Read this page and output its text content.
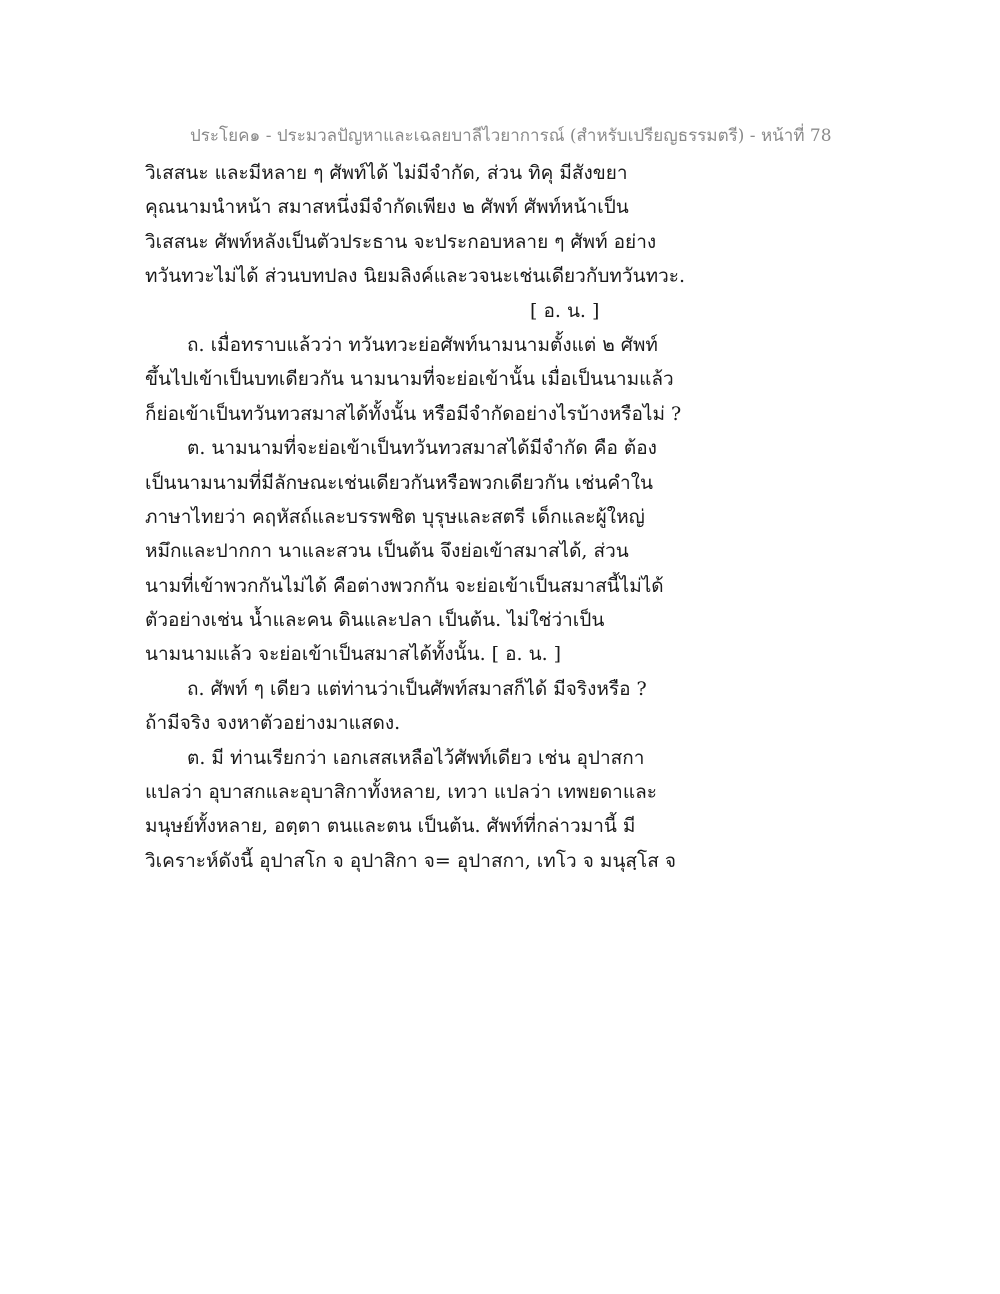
ประโยค๑ - ประมวลปัญหาและเฉลยบาลีไวยาการณ์ (สำหรับเปรียญธรรมตรี) - หน้าที่ 78
วิเสสนะ และมีหลาย ๆ ศัพท์ได้ ไม่มีจำกัด, ส่วน ทิคุ มีสังขยา
คุณนามนำหน้า สมาสหนึ่งมีจำกัดเพียง ๒ ศัพท์ ศัพท์หน้าเป็น
วิเสสนะ ศัพท์หลังเป็นตัวประธาน จะประกอบหลาย ๆ ศัพท์ อย่าง
ทวันทวะไม่ได้ ส่วนบทปลง นิยมลิงค์และวจนะเช่นเดียวกับทวันทวะ.
[ อ. น. ]
ถ. เมื่อทราบแล้วว่า ทวันทวะย่อศัพท์นามนามตั้งแต่ ๒ ศัพท์
ขึ้นไปเข้าเป็นบทเดียวกัน นามนามที่จะย่อเข้านั้น เมื่อเป็นนามแล้ว
ก็ย่อเข้าเป็นทวันทวสมาสได้ทั้งนั้น หรือมีจำกัดอย่างไรบ้างหรือไม่ ?
ต. นามนามที่จะย่อเข้าเป็นทวันทวสมาสได้มีจำกัด คือ ต้อง
เป็นนามนามที่มีลักษณะเช่นเดียวกันหรือพวกเดียวกัน เช่นคำใน
ภาษาไทยว่า คฤหัสถ์และบรรพชิต บุรุษและสตรี เด็กและผู้ใหญ่
หมึกและปากกา นาและสวน เป็นต้น จึงย่อเข้าสมาสได้, ส่วน
นามที่เข้าพวกกันไม่ได้ คือต่างพวกกัน จะย่อเข้าเป็นสมาสนี้ไม่ได้
ตัวอย่างเช่น น้ำและคน ดินและปลา เป็นต้น. ไม่ใช่ว่าเป็น
นามนามแล้ว จะย่อเข้าเป็นสมาสได้ทั้งนั้น. [ อ. น. ]
ถ. ศัพท์ ๆ เดียว แต่ท่านว่าเป็นศัพท์สมาสก็ได้ มีจริงหรือ ?
ถ้ามีจริง จงหาตัวอย่างมาแสดง.
ต. มี ท่านเรียกว่า เอกเสสเหลือไว้ศัพท์เดียว เช่น อุปาสกา
แปลว่า อุบาสกและอุบาสิกาทั้งหลาย, เทวา แปลว่า เทพยดาและ
มนุษย์ทั้งหลาย, อตฺตา ตนและตน เป็นต้น. ศัพท์ที่กล่าวมานี้ มี
วิเคราะห์ดังนี้ อุปาสโก จ อุปาสิกา จ= อุปาสกา, เทโว จ มนุสฺโส จ
